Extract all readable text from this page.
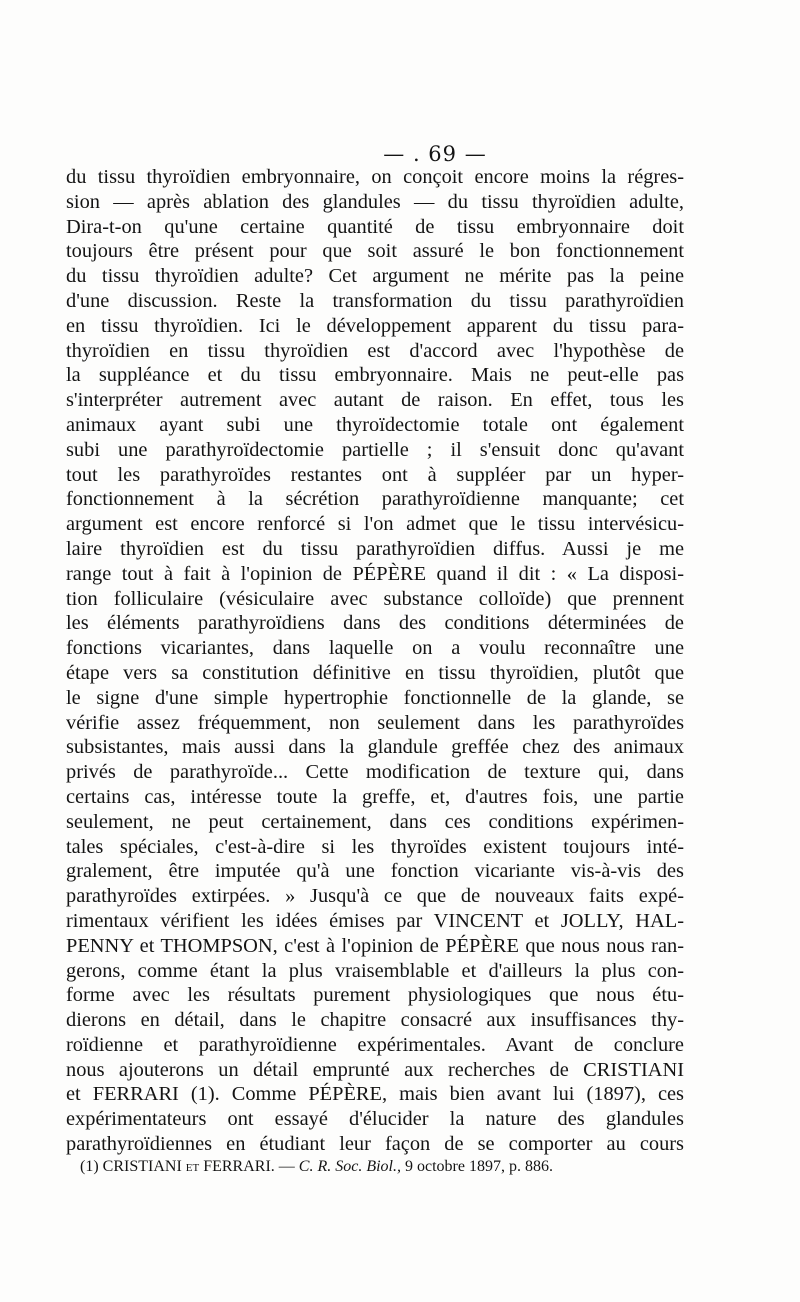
— . 69 —
du tissu thyroïdien embryonnaire, on conçoit encore moins la régres-
sion — après ablation des glandules — du tissu thyroïdien adulte,
Dira-t-on qu'une certaine quantité de tissu embryonnaire doit
toujours être présent pour que soit assuré le bon fonctionnement
du tissu thyroïdien adulte? Cet argument ne mérite pas la peine
d'une discussion. Reste la transformation du tissu parathyroïdien
en tissu thyroïdien. Ici le développement apparent du tissu para-
thyroïdien en tissu thyroïdien est d'accord avec l'hypothèse de
la suppléance et du tissu embryonnaire. Mais ne peut-elle pas
s'interpréter autrement avec autant de raison. En effet, tous les
animaux ayant subi une thyroïdectomie totale ont également
subi une parathyroïdectomie partielle ; il s'ensuit donc qu'avant
tout les parathyroïdes restantes ont à suppléer par un hyper-
fonctionnement à la sécrétion parathyroïdienne manquante; cet
argument est encore renforcé si l'on admet que le tissu intervésicu-
laire thyroïdien est du tissu parathyroïdien diffus. Aussi je me
range tout à fait à l'opinion de PÉPÈRE quand il dit : « La disposi-
tion folliculaire (vésiculaire avec substance colloïde) que prennent
les éléments parathyroïdiens dans des conditions déterminées de
fonctions vicariantes, dans laquelle on a voulu reconnaître une
étape vers sa constitution définitive en tissu thyroïdien, plutôt que
le signe d'une simple hypertrophie fonctionnelle de la glande, se
vérifie assez fréquemment, non seulement dans les parathyroïdes
subsistantes, mais aussi dans la glandule greffée chez des animaux
privés de parathyroïde... Cette modification de texture qui, dans
certains cas, intéresse toute la greffe, et, d'autres fois, une partie
seulement, ne peut certainement, dans ces conditions expérimen-
tales spéciales, c'est-à-dire si les thyroïdes existent toujours inté-
gralement, être imputée qu'à une fonction vicariante vis-à-vis des
parathyroïdes extirpées. » Jusqu'à ce que de nouveaux faits expé-
rimentaux vérifient les idées émises par VINCENT et JOLLY, HAL-
PENNY et THOMPSON, c'est à l'opinion de PÉPÈRE que nous nous ran-
gerons, comme étant la plus vraisemblable et d'ailleurs la plus con-
forme avec les résultats purement physiologiques que nous étu-
dierons en détail, dans le chapitre consacré aux insuffisances thy-
roïdienne et parathyroïdienne expérimentales. Avant de conclure
nous ajouterons un détail emprunté aux recherches de CRISTIANI
et FERRARI (1). Comme PÉPÈRE, mais bien avant lui (1897), ces
expérimentateurs ont essayé d'élucider la nature des glandules
parathyroïdiennes en étudiant leur façon de se comporter au cours
(1) CRISTIANI et FERRARI. — C. R. Soc. Biol., 9 octobre 1897, p. 886.
